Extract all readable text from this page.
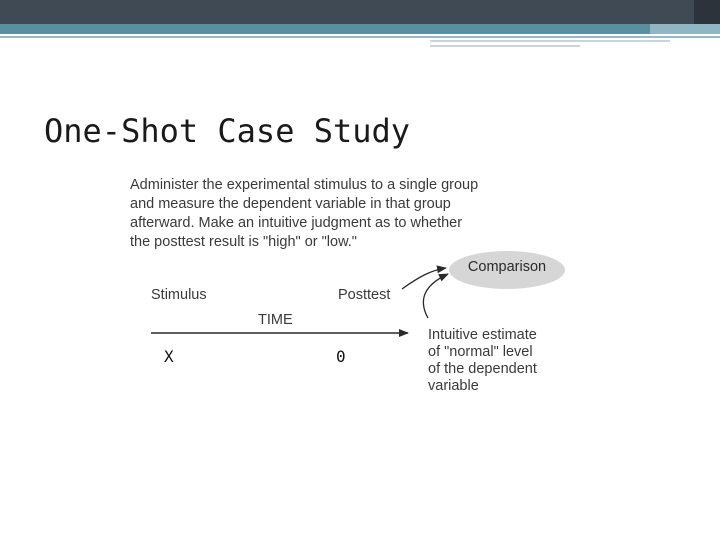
One-Shot Case Study
Administer the experimental stimulus to a single group
and measure the dependent variable in that group
afterward. Make an intuitive judgment as to whether
the posttest result is "high" or "low."
Stimulus	Posttest
TIME
X	0
Comparison
Intuitive estimate
of "normal" level
of the dependent
variable
